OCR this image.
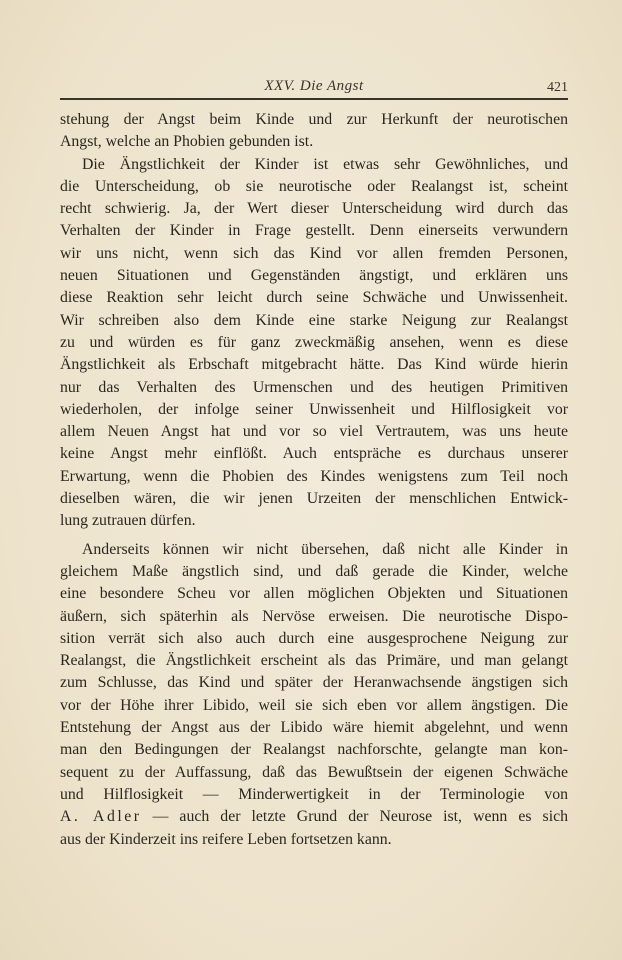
XXV. Die Angst	421
stehung der Angst beim Kinde und zur Herkunft der neurotischen
Angst, welche an Phobien gebunden ist.
Die Ängstlichkeit der Kinder ist etwas sehr Gewöhnliches, und
die Unterscheidung, ob sie neurotische oder Realangst ist, scheint
recht schwierig. Ja, der Wert dieser Unterscheidung wird durch das
Verhalten der Kinder in Frage gestellt. Denn einerseits verwundern
wir uns nicht, wenn sich das Kind vor allen fremden Personen,
neuen Situationen und Gegenständen ängstigt, und erklären uns
diese Reaktion sehr leicht durch seine Schwäche und Unwissenheit.
Wir schreiben also dem Kinde eine starke Neigung zur Realangst
zu und würden es für ganz zweckmäßig ansehen, wenn es diese
Ängstlichkeit als Erbschaft mitgebracht hätte. Das Kind würde hierin
nur das Verhalten des Urmenschen und des heutigen Primitiven
wiederholen, der infolge seiner Unwissenheit und Hilflosigkeit vor
allem Neuen Angst hat und vor so viel Vertrautem, was uns heute
keine Angst mehr einflößt. Auch entspräche es durchaus unserer
Erwartung, wenn die Phobien des Kindes wenigstens zum Teil noch
dieselben wären, die wir jenen Urzeiten der menschlichen Entwick-
lung zutrauen dürfen.
Anderseits können wir nicht übersehen, daß nicht alle Kinder in
gleichem Maße ängstlich sind, und daß gerade die Kinder, welche
eine besondere Scheu vor allen möglichen Objekten und Situationen
äußern, sich späterhin als Nervöse erweisen. Die neurotische Dispo-
sition verrät sich also auch durch eine ausgesprochene Neigung zur
Realangst, die Ängstlichkeit erscheint als das Primäre, und man gelangt
zum Schlusse, das Kind und später der Heranwachsende ängstigen sich
vor der Höhe ihrer Libido, weil sie sich eben vor allem ängstigen. Die
Entstehung der Angst aus der Libido wäre hiemit abgelehnt, und wenn
man den Bedingungen der Realangst nachforschte, gelangte man kon-
sequent zu der Auffassung, daß das Bewußtsein der eigenen Schwäche
und Hilflosigkeit — Minderwertigkeit in der Terminologie von
A. Adler — auch der letzte Grund der Neurose ist, wenn es sich
aus der Kinderzeit ins reifere Leben fortsetzen kann.
